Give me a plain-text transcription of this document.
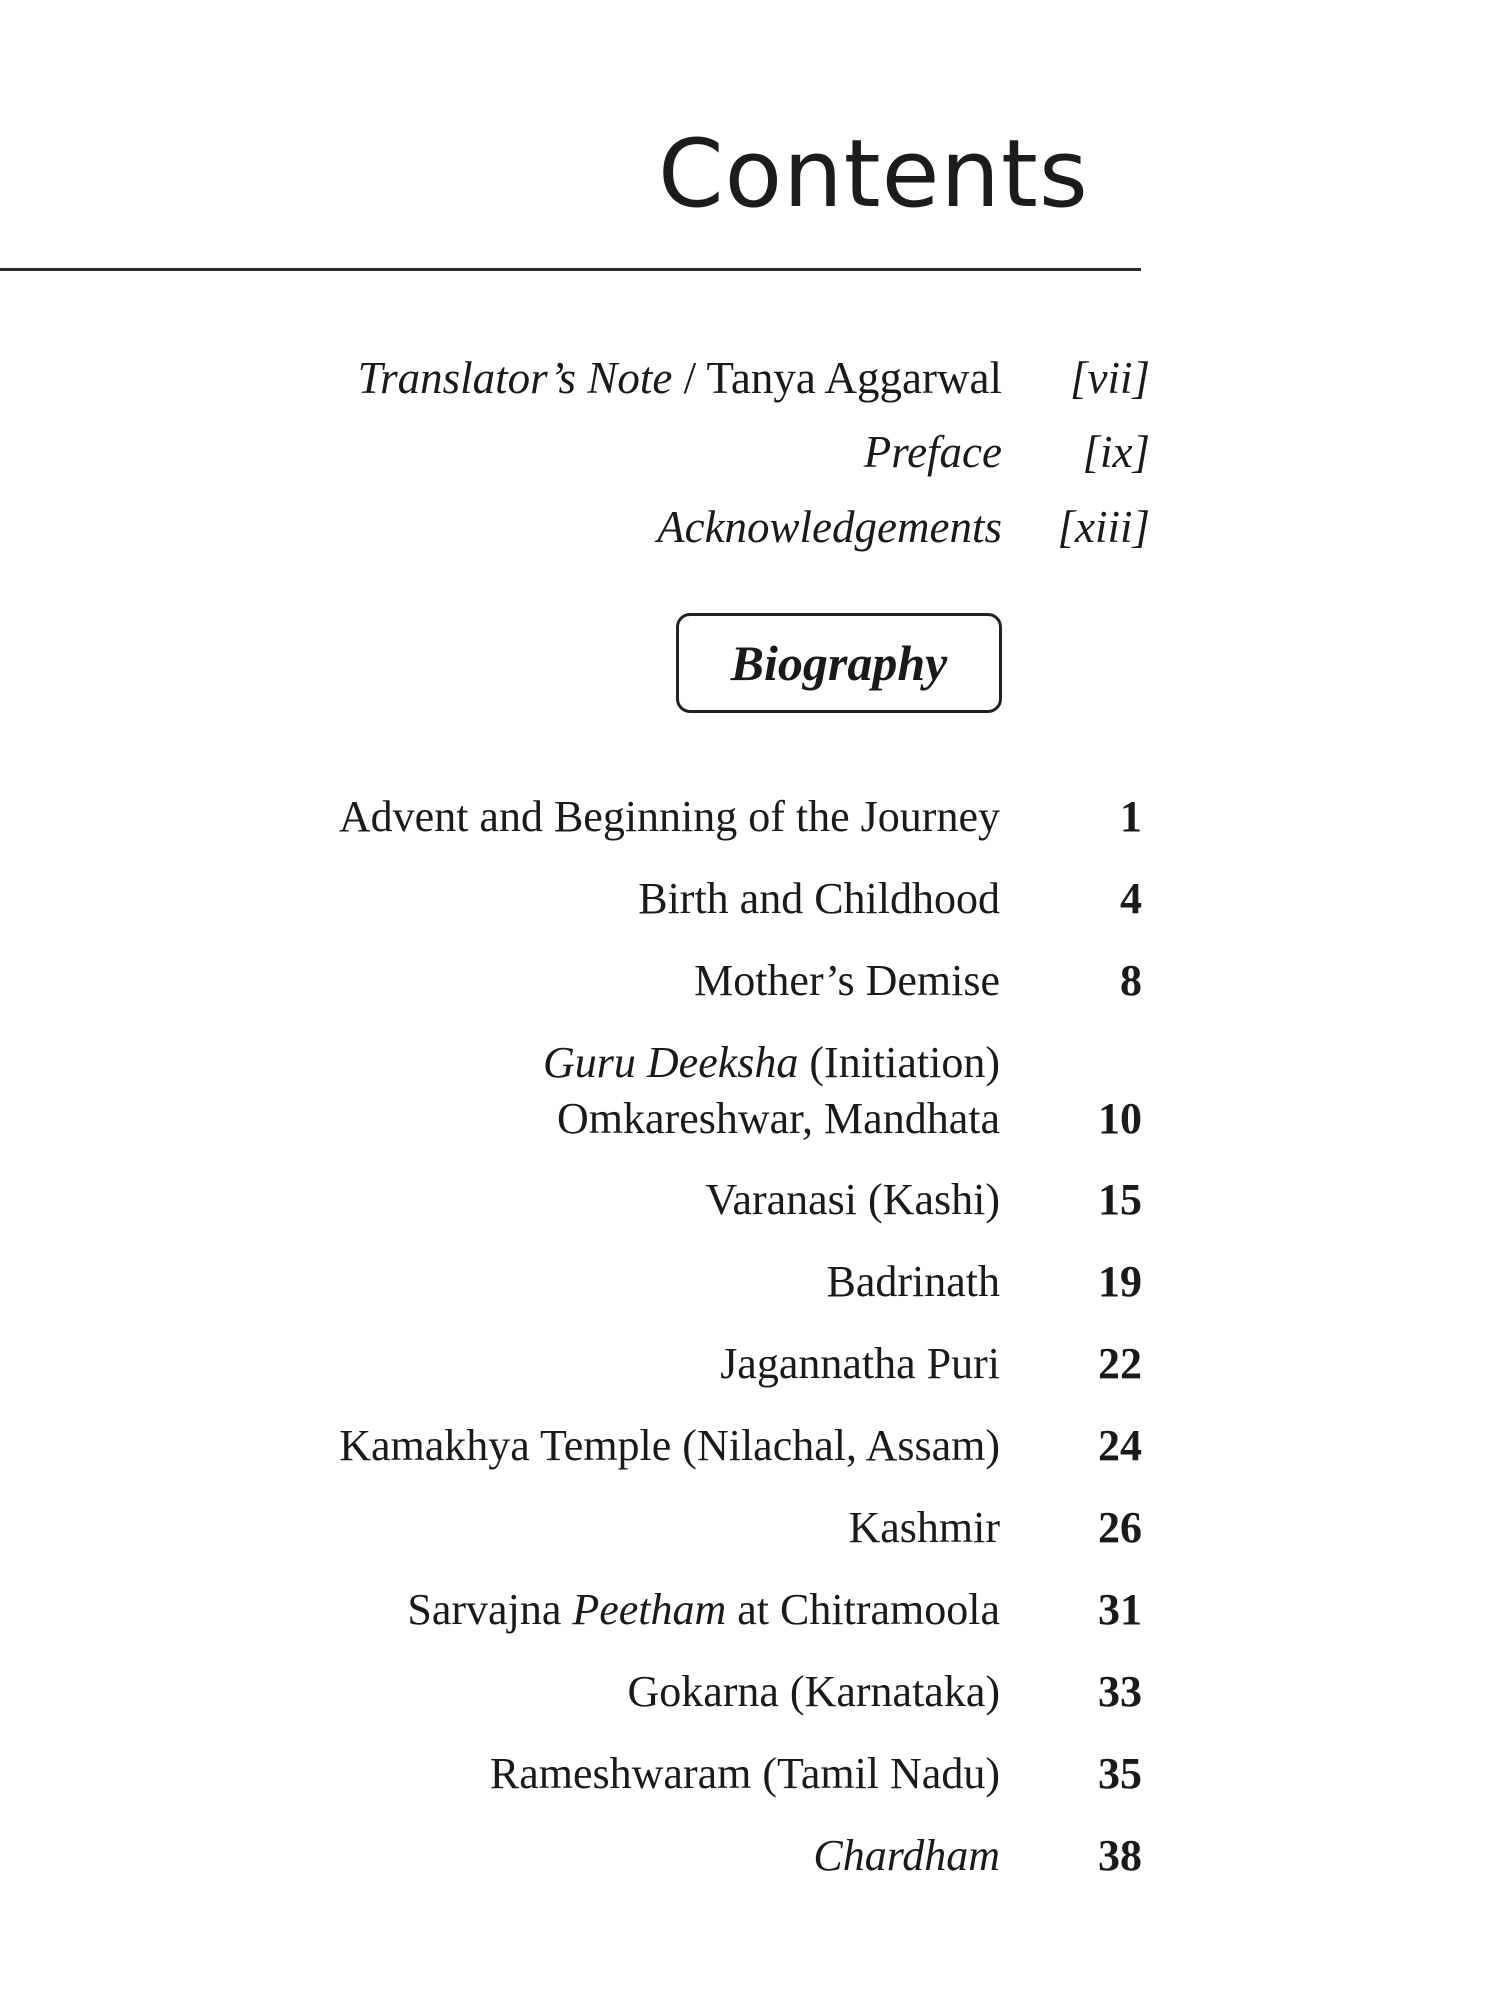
Contents
Translator’s Note / Tanya Aggarwal [vii]
Preface [ix]
Acknowledgements [xiii]
Biography
Advent and Beginning of the Journey	1
Birth and Childhood	4
Mother’s Demise	8
Guru Deeksha (Initiation)
Omkareshwar, Mandhata 10
Varanasi (Kashi) 15
Badrinath 19
Jagannatha Puri 22
Kamakhya Temple (Nilachal, Assam) 24
Kashmir 26
Sarvajna Peetham at Chitramoola 31
Gokarna (Karnataka) 33
Rameshwaram (Tamil Nadu) 35
Chardham 38
